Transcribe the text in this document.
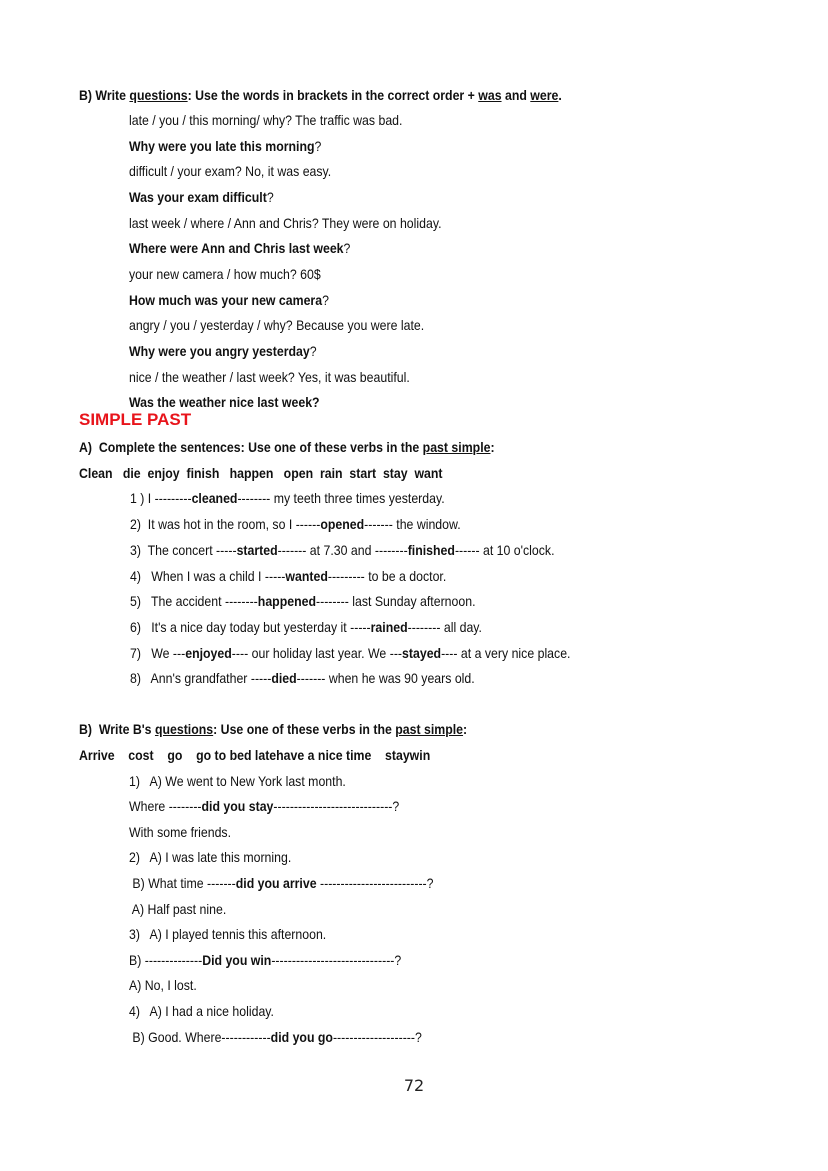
B) Write questions: Use the words in brackets in the correct order + was and were.
late / you / this morning/ why? The traffic was bad.
Why were you late this morning?
difficult / your exam? No, it was easy.
Was your exam difficult?
last week / where / Ann and Chris? They were on holiday.
Where were Ann and Chris last week?
your new camera / how much? 60$
How much was your new camera?
angry / you / yesterday / why? Because you were late.
Why were you angry yesterday?
nice / the weather / last week? Yes, it was beautiful.
Was the weather nice last week?
SIMPLE PAST
A)  Complete the sentences: Use one of these verbs in the past simple:
Clean   die  enjoy  finish   happen   open  rain  start  stay  want
1 ) I ---------cleaned-------- my teeth three times yesterday.
2)  It was hot in the room, so I ------opened------- the window.
3)  The concert -----started------- at 7.30 and --------finished------ at 10 o'clock.
4)   When I was a child I -----wanted--------- to be a doctor.
5)   The accident --------happened-------- last Sunday afternoon.
6)   It's a nice day today but yesterday it -----rained-------- all day.
7)   We ---enjoyed---- our holiday last year. We ---stayed---- at a very nice place.
8)   Ann's grandfather -----died------- when he was 90 years old.
B)  Write B's questions: Use one of these verbs in the past simple:
Arrive    cost    go    go to bed latehave a nice time    staywin
1)   A) We went to New York last month.
Where --------did you stay-----------------------------?
With some friends.
2)   A) I was late this morning.
B) What time -------did you arrive --------------------------?
A) Half past nine.
3)   A) I played tennis this afternoon.
B) --------------Did you win------------------------------?
A) No, I lost.
4)   A) I had a nice holiday.
B) Good. Where------------did you go--------------------?
72
